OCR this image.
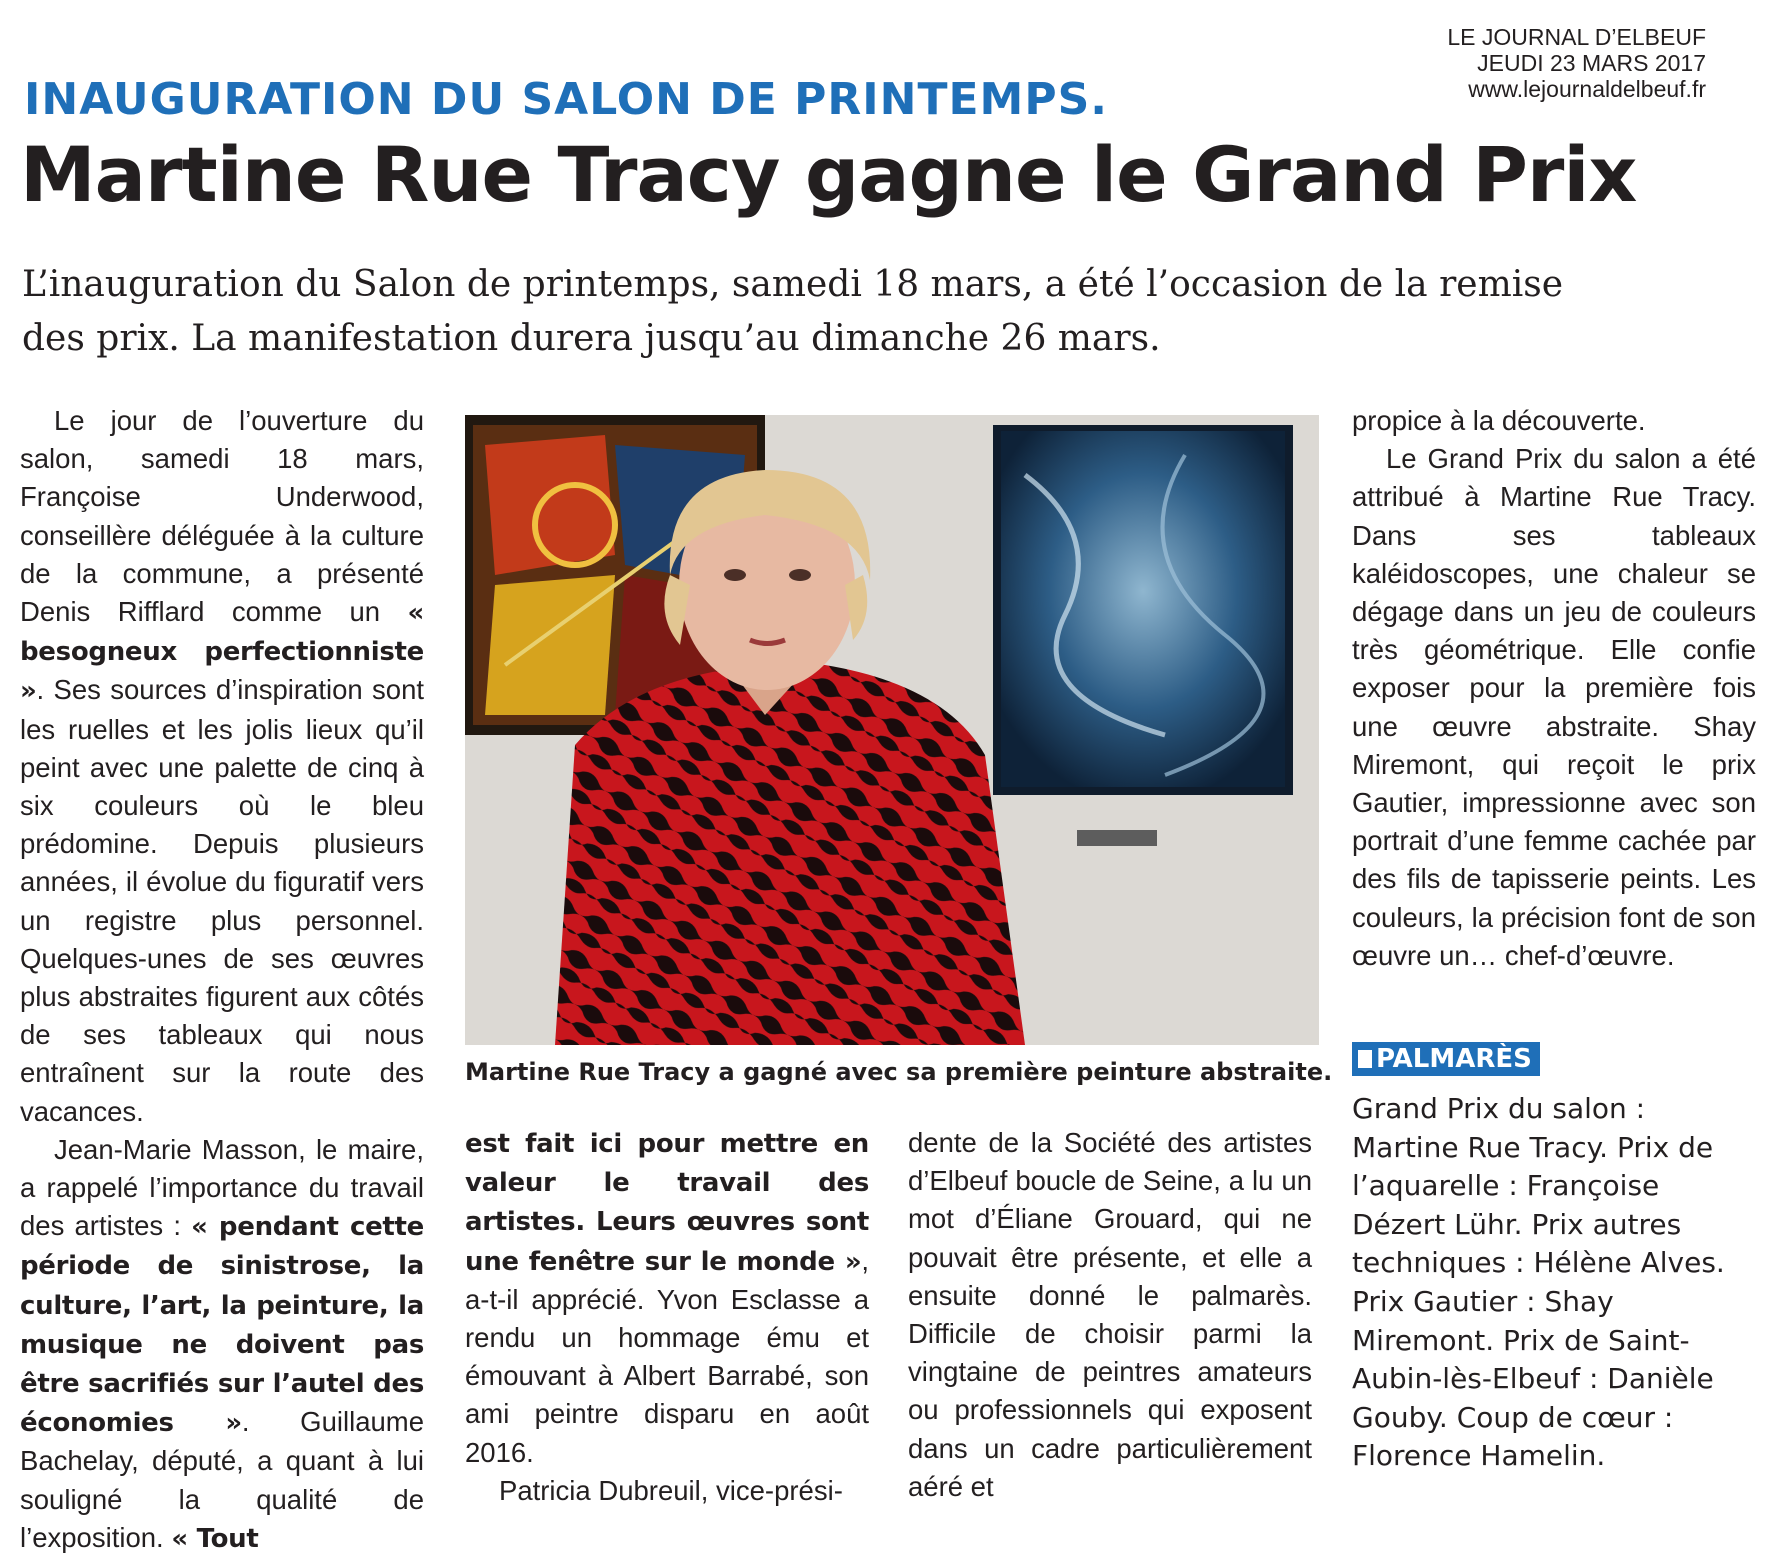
LE JOURNAL D’ELBEUF
JEUDI 23 MARS 2017
www.lejournaldelbeuf.fr
INAUGURATION DU SALON DE PRINTEMPS.
Martine Rue Tracy gagne le Grand Prix
L’inauguration du Salon de printemps, samedi 18 mars, a été l’occasion de la remise des prix. La manifestation durera jusqu’au dimanche 26 mars.

Le jour de l’ouverture du salon, samedi 18 mars, Françoise Underwood, conseillère déléguée à la culture de la commune, a présenté Denis Rifflard comme un « besogneux perfectionniste ». Ses sources d’inspiration sont les ruelles et les jolis lieux qu’il peint avec une palette de cinq à six couleurs où le bleu prédomine. Depuis plusieurs années, il évolue du figuratif vers un registre plus personnel. Quelques-unes de ses œuvres plus abstraites figurent aux côtés de ses tableaux qui nous entraînent sur la route des vacances.

Jean-Marie Masson, le maire, a rappelé l’importance du travail des artistes : « pendant cette période de sinistrose, la culture, l’art, la peinture, la musique ne doivent pas être sacrifiés sur l’autel des économies ». Guillaume Bachelay, député, a quant à lui souligné la qualité de l’exposition. « Tout

Martine Rue Tracy a gagné avec sa première peinture abstraite.

est fait ici pour mettre en valeur le travail des artistes. Leurs œuvres sont une fenêtre sur le monde », a-t-il apprécié. Yvon Esclasse a rendu un hommage ému et émouvant à Albert Barrabé, son ami peintre disparu en août 2016.

Patricia Dubreuil, vice-prési-

dente de la Société des artistes d’Elbeuf boucle de Seine, a lu un mot d’Éliane Grouard, qui ne pouvait être présente, et elle a ensuite donné le palmarès. Difficile de choisir parmi la vingtaine de peintres amateurs ou professionnels qui exposent dans un cadre particulièrement aéré et

propice à la découverte.

Le Grand Prix du salon a été attribué à Martine Rue Tracy. Dans ses tableaux kaléidoscopes, une chaleur se dégage dans un jeu de couleurs très géométrique. Elle confie exposer pour la première fois une œuvre abstraite. Shay Miremont, qui reçoit le prix Gautier, impressionne avec son portrait d’une femme cachée par des fils de tapisserie peints. Les couleurs, la précision font de son œuvre un… chef-d’œuvre.

PALMARÈS
Grand Prix du salon : Martine Rue Tracy. Prix de l’aquarelle : Françoise Dézert Lühr. Prix autres techniques : Hélène Alves. Prix Gautier : Shay Miremont. Prix de Saint-Aubin-lès-Elbeuf : Danièle Gouby. Coup de cœur : Florence Hamelin.
